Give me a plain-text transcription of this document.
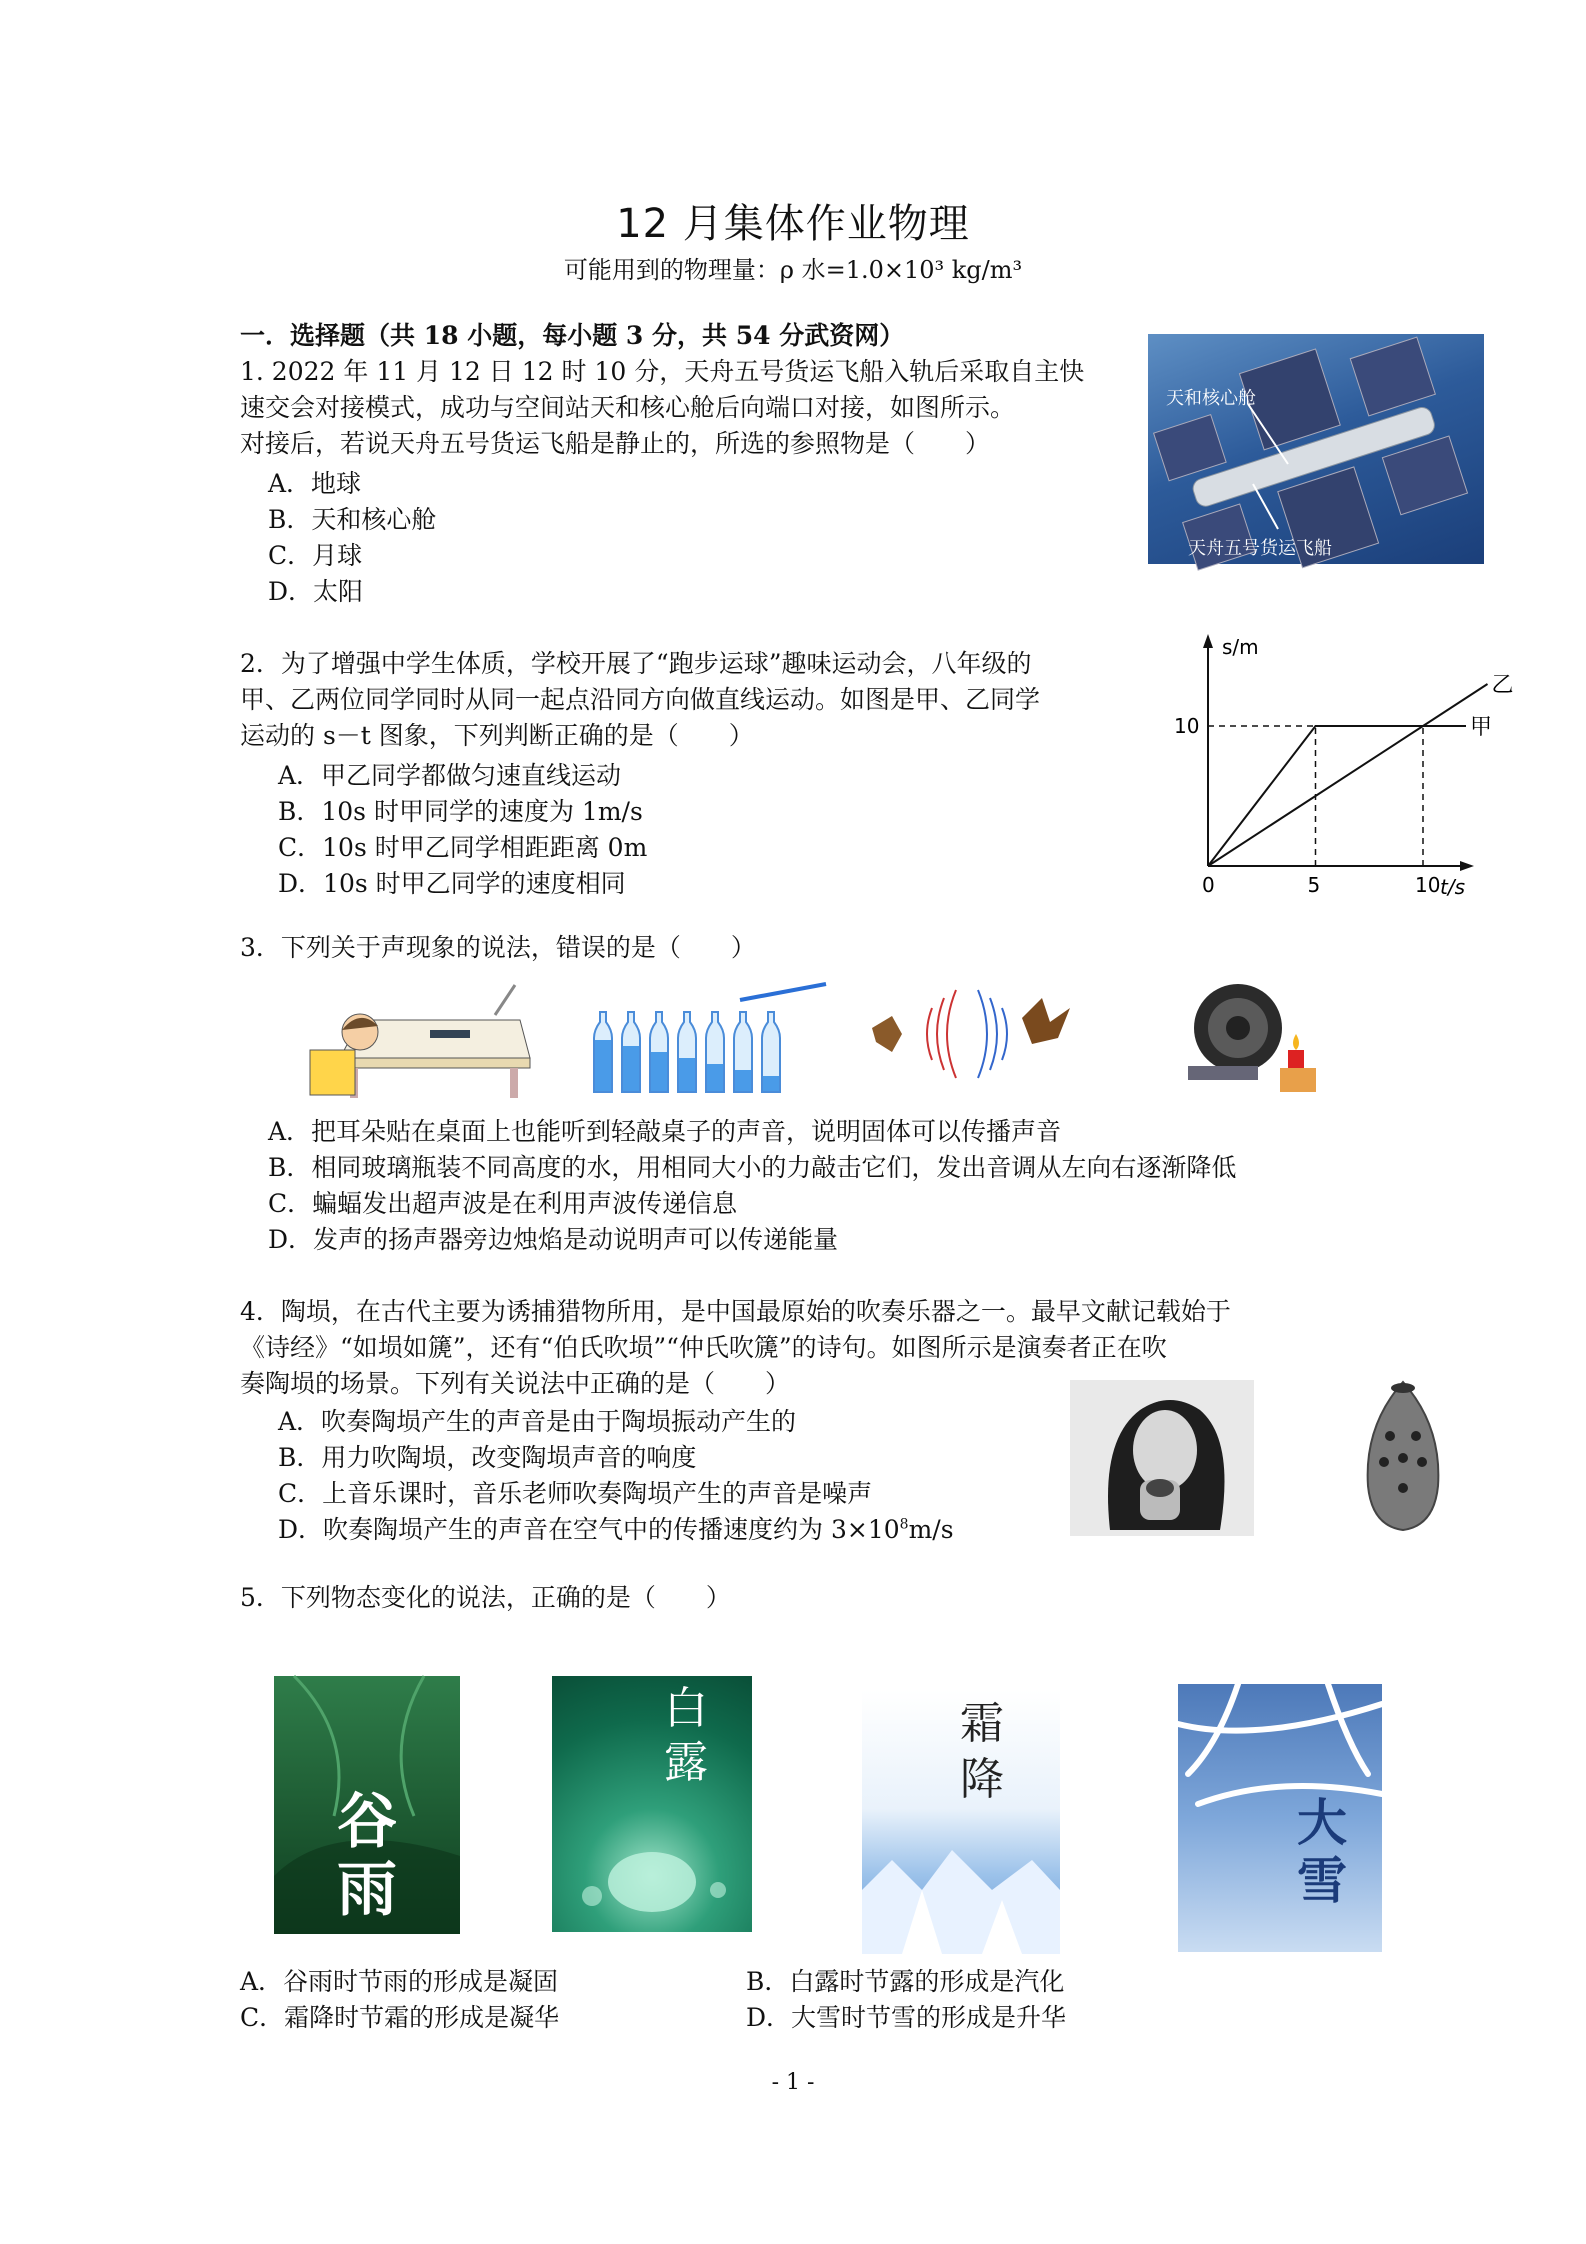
12 月集体作业物理
可能用到的物理量：ρ 水=1.0×10³ kg/m³
一．选择题（共 18 小题，每小题 3 分，共 54 分武资网）
1. 2022 年 11 月 12 日 12 时 10 分，天舟五号货运飞船入轨后采取自主快
速交会对接模式，成功与空间站天和核心舱后向端口对接，如图所示。
对接后，若说天舟五号货运飞船是静止的，所选的参照物是（　　）
A．地球
B．天和核心舱
C．月球
D．太阳
天和核心舱
天舟五号货运飞船
2．为了增强中学生体质，学校开展了“跑步运球”趣味运动会，八年级的
甲、乙两位同学同时从同一起点沿同方向做直线运动。如图是甲、乙同学
运动的 s－t 图象，下列判断正确的是（　　）
A．甲乙同学都做匀速直线运动
B．10s 时甲同学的速度为 1m/s
C．10s 时甲乙同学相距距离 0m
D．10s 时甲乙同学的速度相同
s/m
t/s
甲
乙
0	5	10
10
3．下列关于声现象的说法，错误的是（　　）
A．把耳朵贴在桌面上也能听到轻敲桌子的声音，说明固体可以传播声音
B．相同玻璃瓶装不同高度的水，用相同大小的力敲击它们，发出音调从左向右逐渐降低
C．蝙蝠发出超声波是在利用声波传递信息
D．发声的扬声器旁边烛焰是动说明声可以传递能量
4．陶埙，在古代主要为诱捕猎物所用，是中国最原始的吹奏乐器之一。最早文献记载始于
《诗经》“如埙如篪”，还有“伯氏吹埙”“仲氏吹篪”的诗句。如图所示是演奏者正在吹
奏陶埙的场景。下列有关说法中正确的是（　　）
A．吹奏陶埙产生的声音是由于陶埙振动产生的
B．用力吹陶埙，改变陶埙声音的响度
C．上音乐课时，音乐老师吹奏陶埙产生的声音是噪声
D．吹奏陶埙产生的声音在空气中的传播速度约为 $3\times 10^8m/s$
5．下列物态变化的说法，正确的是（　　）
谷雨
白露
霜降
大雪
A．谷雨时节雨的形成是凝固	B．白露时节露的形成是汽化
C．霜降时节霜的形成是凝华	D．大雪时节雪的形成是升华
- 1 -
